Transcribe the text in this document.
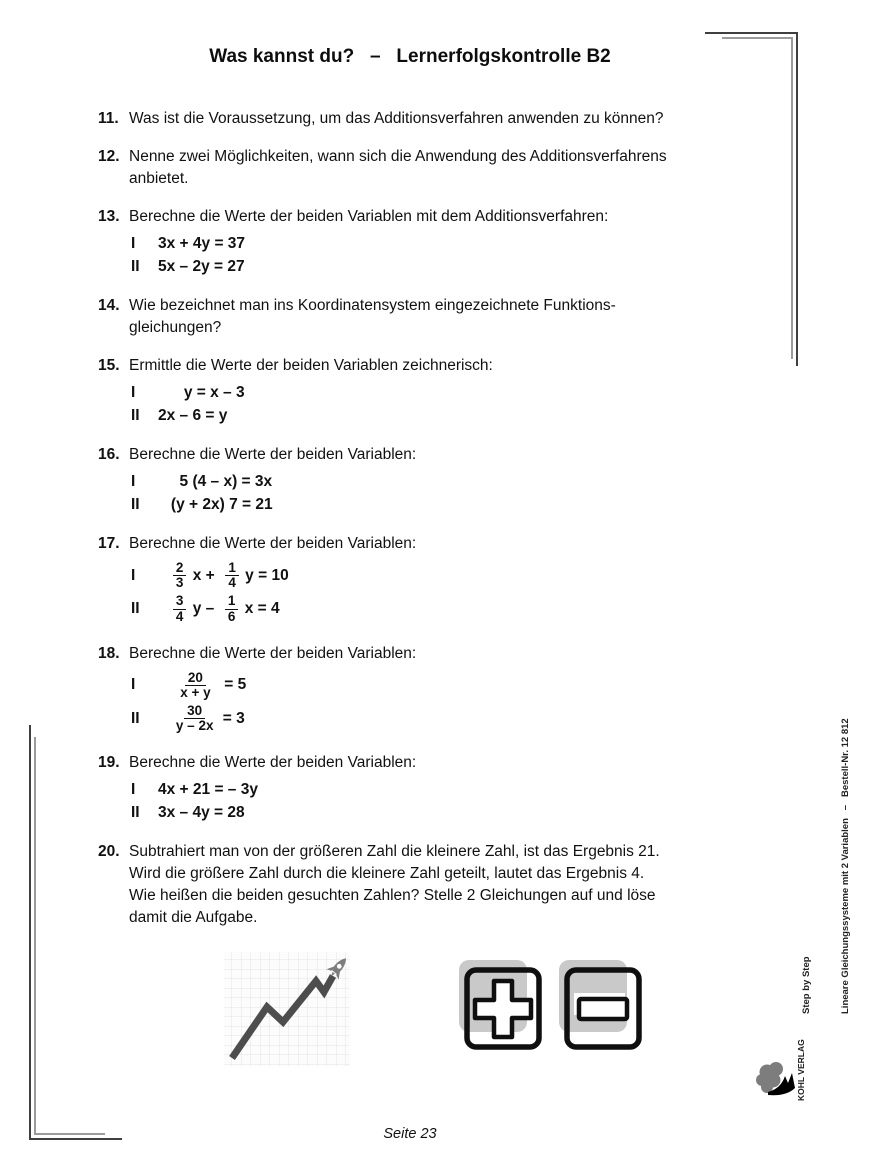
Was kannst du?   –   Lernerfolgskontrolle B2
11. Was ist die Voraussetzung, um das Additionsverfahren anwenden zu können?
12. Nenne zwei Möglichkeiten, wann sich die Anwendung des Additionsverfahrens
anbietet.
13. Berechne die Werte der beiden Variablen mit dem Additionsverfahren:
I	3x + 4y = 37
II	5x – 2y = 27
14. Wie bezeichnet man ins Koordinatensystem eingezeichnete Funktions-
gleichungen?
15. Ermittle die Werte der beiden Variablen zeichnerisch:
I	y = x – 3
II	2x – 6 = y
16. Berechne die Werte der beiden Variablen:
I	5 (4 – x) = 3x
II	(y + 2x) 7 = 21
17. Berechne die Werte der beiden Variablen:
I
	$\frac{2}{3}$ $x + \frac{1}{4}$ y = 10
II
	$\frac{3}{4}$ y – $\frac{1}{6}$ x = 4
18. Berechne die Werte der beiden Variablen:
I
	$\frac{20}{x + y} = 5$
II
	$\frac{30}{y - 2x} = 3$
19. Berechne die Werte der beiden Variablen:
I	4x + 21 = – 3y
II	3x – 4y = 28
20. Subtrahiert man von der größeren Zahl die kleinere Zahl, ist das Ergebnis 21.
Wird die größere Zahl durch die kleinere Zahl geteilt, lautet das Ergebnis 4.
Wie heißen die beiden gesuchten Zahlen? Stelle 2 Gleichungen auf und löse
damit die Aufgabe.

Step by Step

	Lineare Gleichungssysteme mit 2 Variablen   –   Bestell-Nr. 12 812

KOHL VERLAG
Seite 23
